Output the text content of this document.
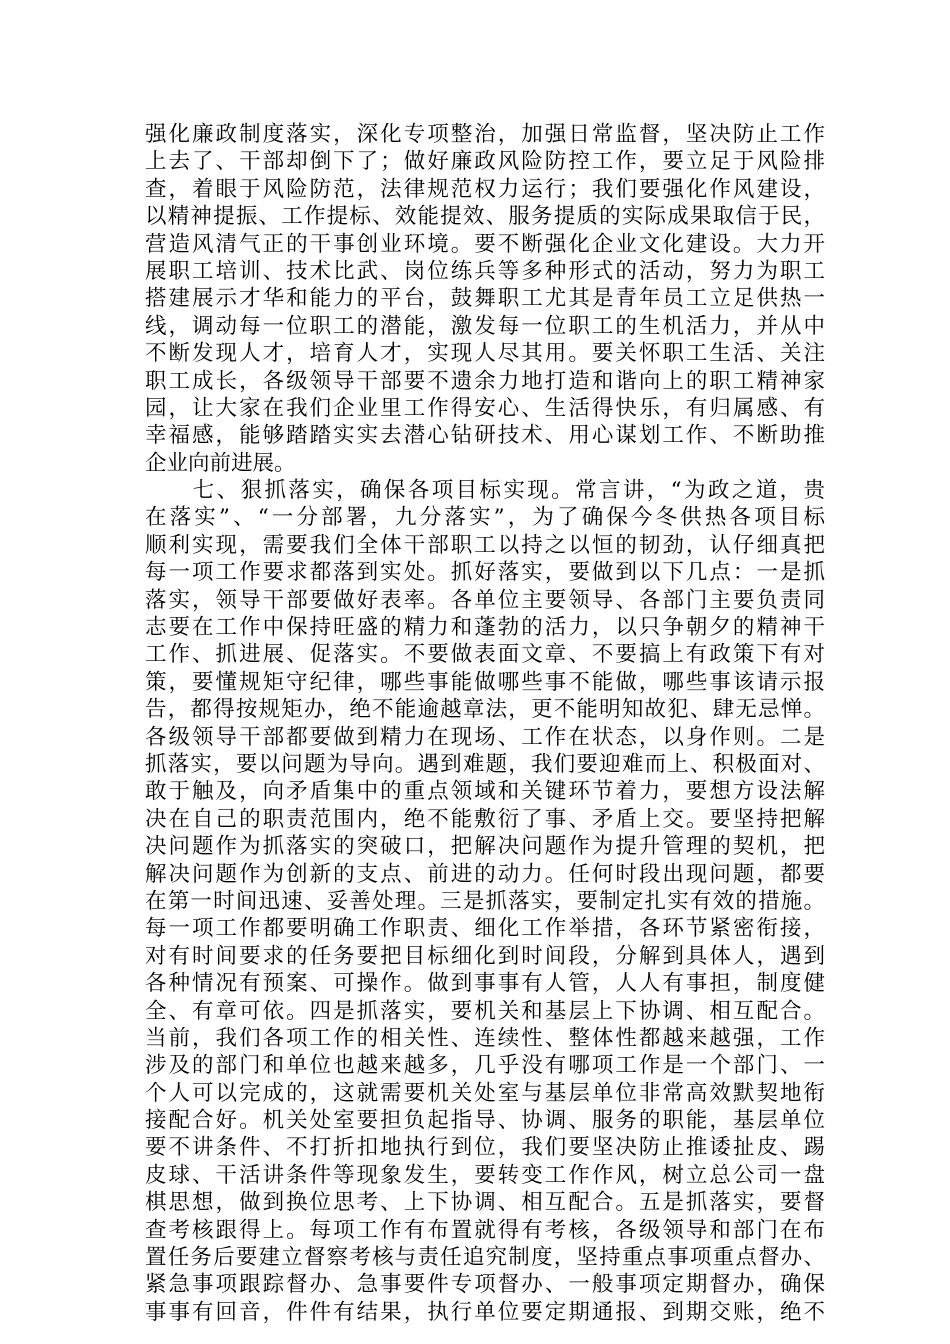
强化廉政制度落实，深化专项整治，加强日常监督，坚决防止工作
上去了、干部却倒下了；做好廉政风险防控工作，要立足于风险排
查，着眼于风险防范，法律规范权力运行；我们要强化作风建设，
以精神提振、工作提标、效能提效、服务提质的实际成果取信于民，
营造风清气正的干事创业环境。要不断强化企业文化建设。大力开
展职工培训、技术比武、岗位练兵等多种形式的活动，努力为职工
搭建展示才华和能力的平台，鼓舞职工尤其是青年员工立足供热一
线，调动每一位职工的潜能，激发每一位职工的生机活力，并从中
不断发现人才，培育人才，实现人尽其用。要关怀职工生活、关注
职工成长，各级领导干部要不遗余力地打造和谐向上的职工精神家
园，让大家在我们企业里工作得安心、生活得快乐，有归属感、有
幸福感，能够踏踏实实去潜心钻研技术、用心谋划工作、不断助推
企业向前进展。
　　七、狠抓落实，确保各项目标实现。常言讲，“为政之道，贵
在落实”、“一分部署，九分落实”，为了确保今冬供热各项目标
顺利实现，需要我们全体干部职工以持之以恒的韧劲，认仔细真把
每一项工作要求都落到实处。抓好落实，要做到以下几点：一是抓
落实，领导干部要做好表率。各单位主要领导、各部门主要负责同
志要在工作中保持旺盛的精力和蓬勃的活力，以只争朝夕的精神干
工作、抓进展、促落实。不要做表面文章、不要搞上有政策下有对
策，要懂规矩守纪律，哪些事能做哪些事不能做，哪些事该请示报
告，都得按规矩办，绝不能逾越章法，更不能明知故犯、肆无忌惮。
各级领导干部都要做到精力在现场、工作在状态，以身作则。二是
抓落实，要以问题为导向。遇到难题，我们要迎难而上、积极面对、
敢于触及，向矛盾集中的重点领域和关键环节着力，要想方设法解
决在自己的职责范围内，绝不能敷衍了事、矛盾上交。要坚持把解
决问题作为抓落实的突破口，把解决问题作为提升管理的契机，把
解决问题作为创新的支点、前进的动力。任何时段出现问题，都要
在第一时间迅速、妥善处理。三是抓落实，要制定扎实有效的措施。
每一项工作都要明确工作职责、细化工作举措，各环节紧密衔接，
对有时间要求的任务要把目标细化到时间段，分解到具体人，遇到
各种情况有预案、可操作。做到事事有人管，人人有事担，制度健
全、有章可依。四是抓落实，要机关和基层上下协调、相互配合。
当前，我们各项工作的相关性、连续性、整体性都越来越强，工作
涉及的部门和单位也越来越多，几乎没有哪项工作是一个部门、一
个人可以完成的，这就需要机关处室与基层单位非常高效默契地衔
接配合好。机关处室要担负起指导、协调、服务的职能，基层单位
要不讲条件、不打折扣地执行到位，我们要坚决防止推诿扯皮、踢
皮球、干活讲条件等现象发生，要转变工作作风，树立总公司一盘
棋思想，做到换位思考、上下协调、相互配合。五是抓落实，要督
查考核跟得上。每项工作有布置就得有考核，各级领导和部门在布
置任务后要建立督察考核与责任追究制度，坚持重点事项重点督办、
紧急事项跟踪督办、急事要件专项督办、一般事项定期督办，确保
事事有回音，件件有结果，执行单位要定期通报、到期交账，绝不
